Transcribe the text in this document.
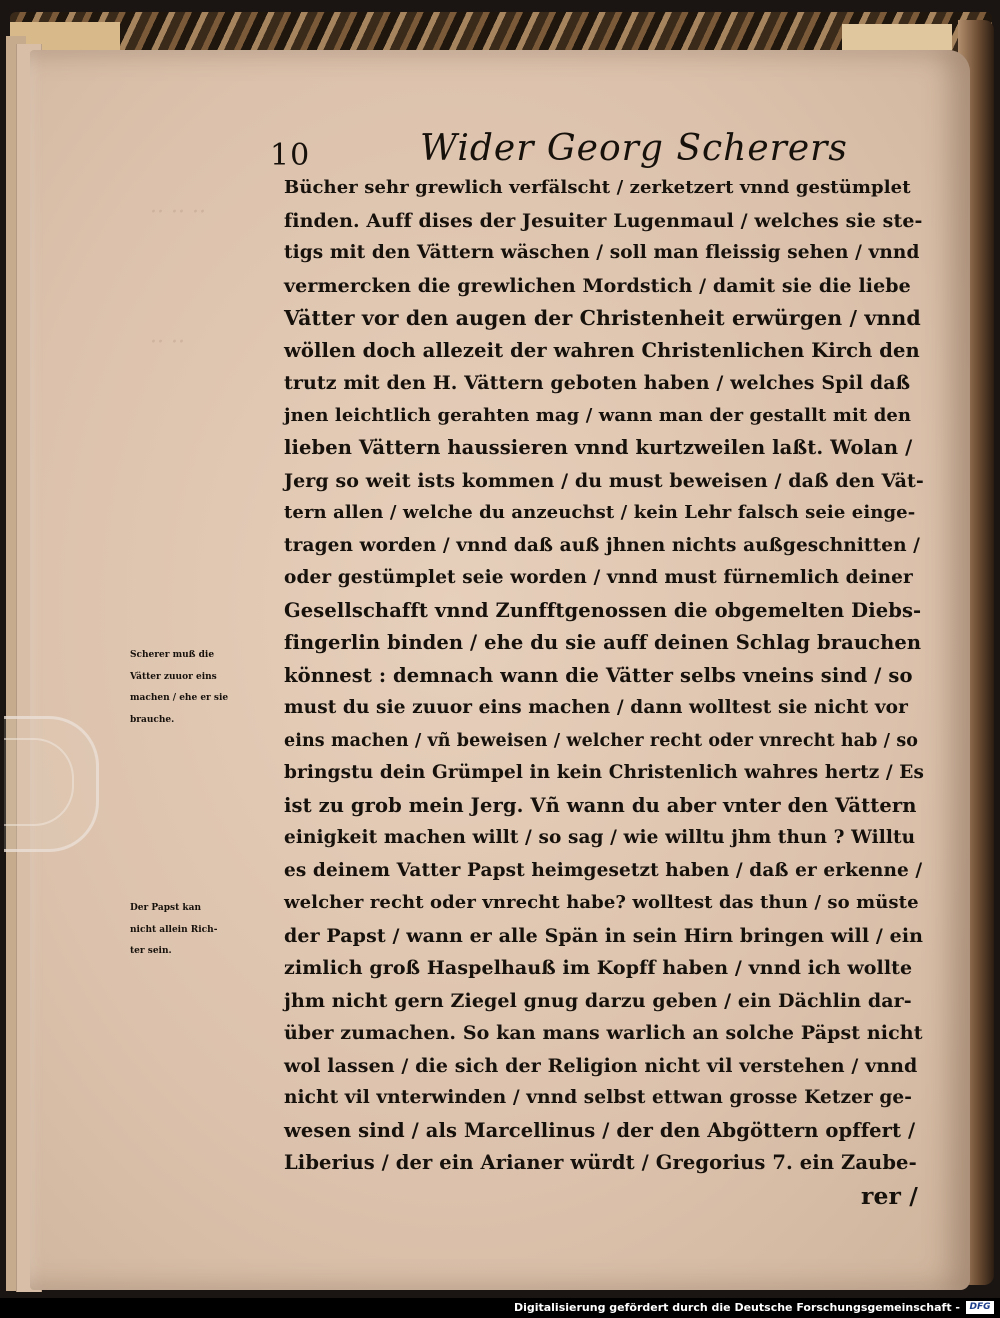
·· ·· ··
·· ··
10	Wider Georg Scherers
Bücher sehr grewlich verfälscht / zerketzert vnnd gestümplet
finden. Auff dises der Jesuiter Lugenmaul / welches sie ste-
tigs mit den Vättern wäschen / soll man fleissig sehen / vnnd
vermercken die grewlichen Mordstich / damit sie die liebe
Vätter vor den augen der Christenheit erwürgen / vnnd
wöllen doch allezeit der wahren Christenlichen Kirch den
trutz mit den H. Vättern geboten haben / welches Spil daß
jnen leichtlich gerahten mag / wann man der gestallt mit den
lieben Vättern haussieren vnnd kurtzweilen laßt. Wolan /
Jerg so weit ists kommen / du must beweisen / daß den Vät-
tern allen / welche du anzeuchst / kein Lehr falsch seie einge-
tragen worden / vnnd daß auß jhnen nichts außgeschnitten /
oder gestümplet seie worden / vnnd must fürnemlich deiner
Gesellschafft vnnd Zunfftgenossen die obgemelten Diebs-
fingerlin binden / ehe du sie auff deinen Schlag brauchen
könnest : demnach wann die Vätter selbs vneins sind / so
must du sie zuuor eins machen / dann wolltest sie nicht vor
eins machen / vñ beweisen / welcher recht oder vnrecht hab / so
bringstu dein Grümpel in kein Christenlich wahres hertz / Es
ist zu grob mein Jerg. Vñ wann du aber vnter den Vättern
einigkeit machen willt / so sag / wie willtu jhm thun ? Willtu
es deinem Vatter Papst heimgesetzt haben / daß er erkenne /
welcher recht oder vnrecht habe? wolltest das thun / so müste
der Papst / wann er alle Spän in sein Hirn bringen will / ein
zimlich groß Haspelhauß im Kopff haben / vnnd ich wollte
jhm nicht gern Ziegel gnug darzu geben / ein Dächlin dar-
über zumachen. So kan mans warlich an solche Päpst nicht
wol lassen / die sich der Religion nicht vil verstehen / vnnd
nicht vil vnterwinden / vnnd selbst ettwan grosse Ketzer ge-
wesen sind / als Marcellinus / der den Abgöttern opffert /
Liberius / der ein Arianer würdt / Gregorius 7. ein Zaube-
rer /
Scherer muß die
Vätter zuuor eins
machen / ehe er sie
brauche.
Der Papst kan
nicht allein Rich-
ter sein.
Digitalisierung gefördert durch die Deutsche Forschungsgemeinschaft -	DFG
